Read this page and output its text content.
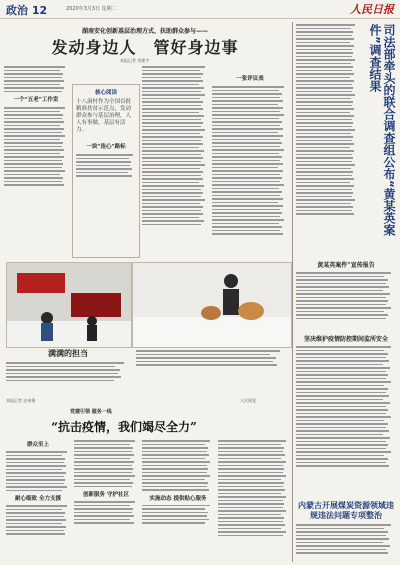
政治 12	2020年3月3日 星期二	人民日报
湖南安化创新基层治理方式、扶助群众参与——
发动身边人　管好身边事
本报记者 刘维宇
一个“五老”工作室
核心阅读
十八洞村作为全国首批精准扶贫示范点，发动群众参与基层治理，人人有事做，基层有活力。
一块“连心”路标
一张评议表	司法部牵头的联合调查组公布“黄某英案件”调查结果
黄某英案件”宣传报告
坚决维护疫情防控期间监所安全
满满的担当
本报记者 史伟摄	人民视觉
党建引领 服务一线
“抗击疫情，我们竭尽全力”
群众至上
耐心细致 全力支援
创新服务 守护社区
实施动态 提供贴心服务
内蒙古开展煤炭资源领域违规违法问题专项整治
